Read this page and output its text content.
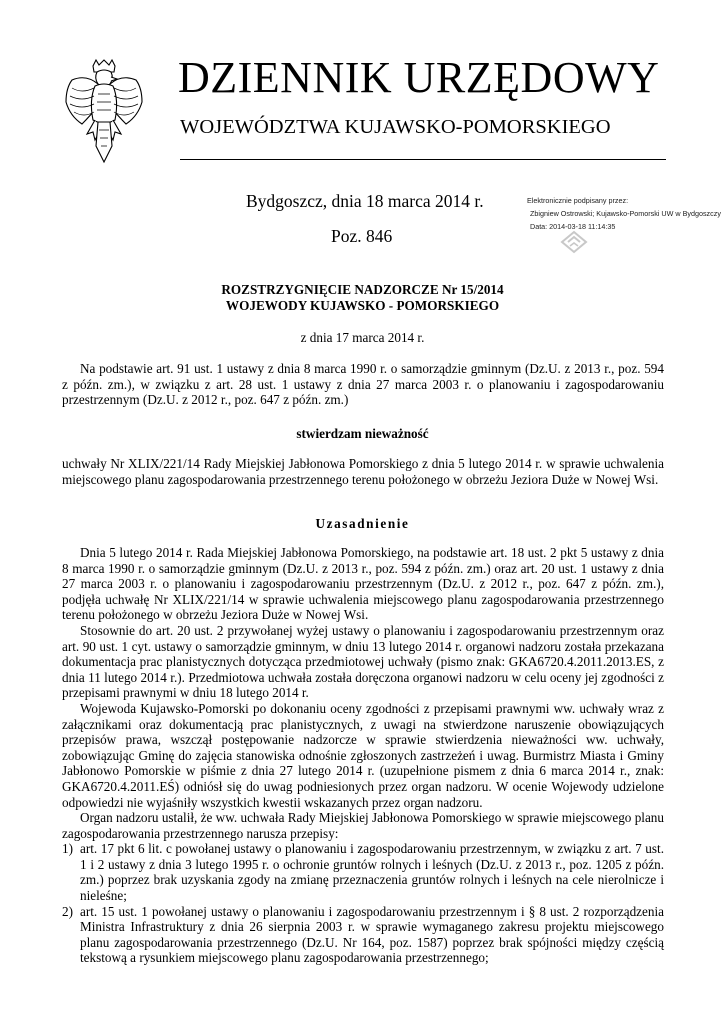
DZIENNIK URZĘDOWY
WOJEWÓDZTWA KUJAWSKO-POMORSKIEGO
Bydgoszcz, dnia 18 marca 2014 r.
Poz. 846
Elektronicznie podpisany przez:
Zbigniew Ostrowski; Kujawsko-Pomorski UW w Bydgoszczy
Data: 2014-03-18 11:14:35
ROZSTRZYGNIĘCIE NADZORCZE Nr 15/2014
WOJEWODY KUJAWSKO - POMORSKIEGO
z dnia 17 marca 2014 r.
Na podstawie art. 91 ust. 1 ustawy z dnia 8 marca 1990 r. o samorządzie gminnym (Dz.U. z 2013 r., poz. 594 z późn. zm.), w związku z art. 28 ust. 1 ustawy z dnia 27 marca 2003 r. o planowaniu i zagospodarowaniu przestrzennym (Dz.U. z 2012 r., poz. 647 z późn. zm.)
stwierdzam nieważność
uchwały Nr XLIX/221/14 Rady Miejskiej Jabłonowa Pomorskiego z dnia 5 lutego 2014 r. w sprawie uchwalenia miejscowego planu zagospodarowania przestrzennego terenu położonego w obrzeżu Jeziora Duże w Nowej Wsi.
Uzasadnienie

Dnia 5 lutego 2014 r. Rada Miejskiej Jabłonowa Pomorskiego, na podstawie art. 18 ust. 2 pkt 5 ustawy z dnia 8 marca 1990 r. o samorządzie gminnym (Dz.U. z 2013 r., poz. 594 z późn. zm.) oraz art. 20 ust. 1 ustawy z dnia 27 marca 2003 r. o planowaniu i zagospodarowaniu przestrzennym (Dz.U. z 2012 r., poz. 647 z późn. zm.), podjęła uchwałę Nr XLIX/221/14 w sprawie uchwalenia miejscowego planu zagospodarowania przestrzennego terenu położonego w obrzeżu Jeziora Duże w Nowej Wsi.

Stosownie do art. 20 ust. 2 przywołanej wyżej ustawy o planowaniu i zagospodarowaniu przestrzennym oraz art. 90 ust. 1 cyt. ustawy o samorządzie gminnym, w dniu 13 lutego 2014 r. organowi nadzoru została przekazana dokumentacja prac planistycznych dotycząca przedmiotowej uchwały (pismo znak: GKA6720.4.2011.2013.ES, z dnia 11 lutego 2014 r.). Przedmiotowa uchwała została doręczona organowi nadzoru w celu oceny jej zgodności z przepisami prawnymi w dniu 18 lutego 2014 r.

Wojewoda Kujawsko-Pomorski po dokonaniu oceny zgodności z przepisami prawnymi ww. uchwały wraz z załącznikami oraz dokumentacją prac planistycznych, z uwagi na stwierdzone naruszenie obowiązujących przepisów prawa, wszczął postępowanie nadzorcze w sprawie stwierdzenia nieważności ww. uchwały, zobowiązując Gminę do zajęcia stanowiska odnośnie zgłoszonych zastrzeżeń i uwag. Burmistrz Miasta i Gminy Jabłonowo Pomorskie w piśmie z dnia 27 lutego 2014 r. (uzupełnione pismem z dnia 6 marca 2014 r., znak: GKA6720.4.2011.EŚ) odniósł się do uwag podniesionych przez organ nadzoru. W ocenie Wojewody udzielone odpowiedzi nie wyjaśniły wszystkich kwestii wskazanych przez organ nadzoru.

Organ nadzoru ustalił, że ww. uchwała Rady Miejskiej Jabłonowa Pomorskiego w sprawie miejscowego planu zagospodarowania przestrzennego narusza przepisy:

1) art. 17 pkt 6 lit. c powołanej ustawy o planowaniu i zagospodarowaniu przestrzennym, w związku z art. 7 ust. 1 i 2 ustawy z dnia 3 lutego 1995 r. o ochronie gruntów rolnych i leśnych (Dz.U. z 2013 r., poz. 1205 z późn. zm.) poprzez brak uzyskania zgody na zmianę przeznaczenia gruntów rolnych i leśnych na cele nierolnicze i nieleśne;
2) art. 15 ust. 1 powołanej ustawy o planowaniu i zagospodarowaniu przestrzennym i § 8 ust. 2 rozporządzenia Ministra Infrastruktury z dnia 26 sierpnia 2003 r. w sprawie wymaganego zakresu projektu miejscowego planu zagospodarowania przestrzennego (Dz.U. Nr 164, poz. 1587) poprzez brak spójności między częścią tekstową a rysunkiem miejscowego planu zagospodarowania przestrzennego;
